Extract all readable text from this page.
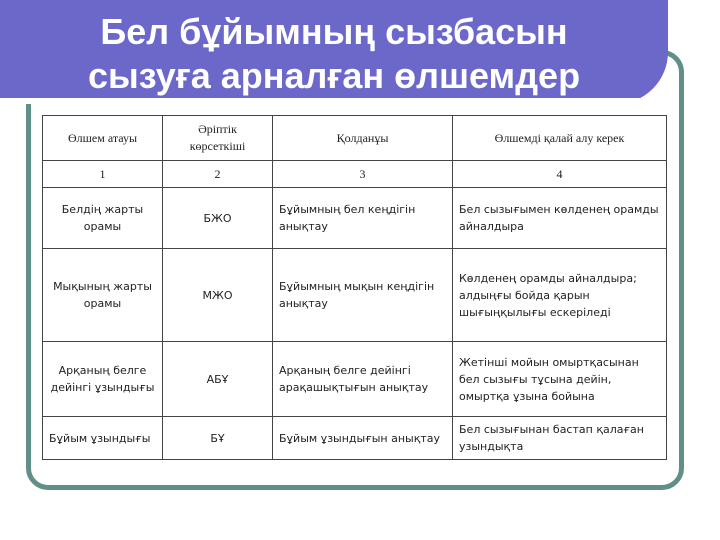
Бел бұйымның сызбасын
сызуға арналған өлшемдер
Өлшем атауы	Әріптік көрсеткіші	Қолданұы	Өлшемді қалай алу керек
1	2	3	4
Белдің жарты орамы	БЖО	Бұйымның бел кеңдігін анықтау	Бел сызығымен көлденең орамды айналдыра
Мықының жарты орамы	МЖО	Бұйымның мықын кеңдігін анықтау	Көлденең орамды айналдыра; алдыңғы бойда қарын шығыңқылығы ескеріледі
Арқаның белге дейінгі ұзындығы	АБҰ	Арқаның белге дейінгі арақашықтығын анықтау	Жетінші мойын омыртқасынан бел сызығы тұсына дейін, омыртқа ұзына бойына
Бұйым ұзындығы	БҰ	Бұйым ұзындығын анықтау	Бел сызығынан бастап қалаған узындықта
